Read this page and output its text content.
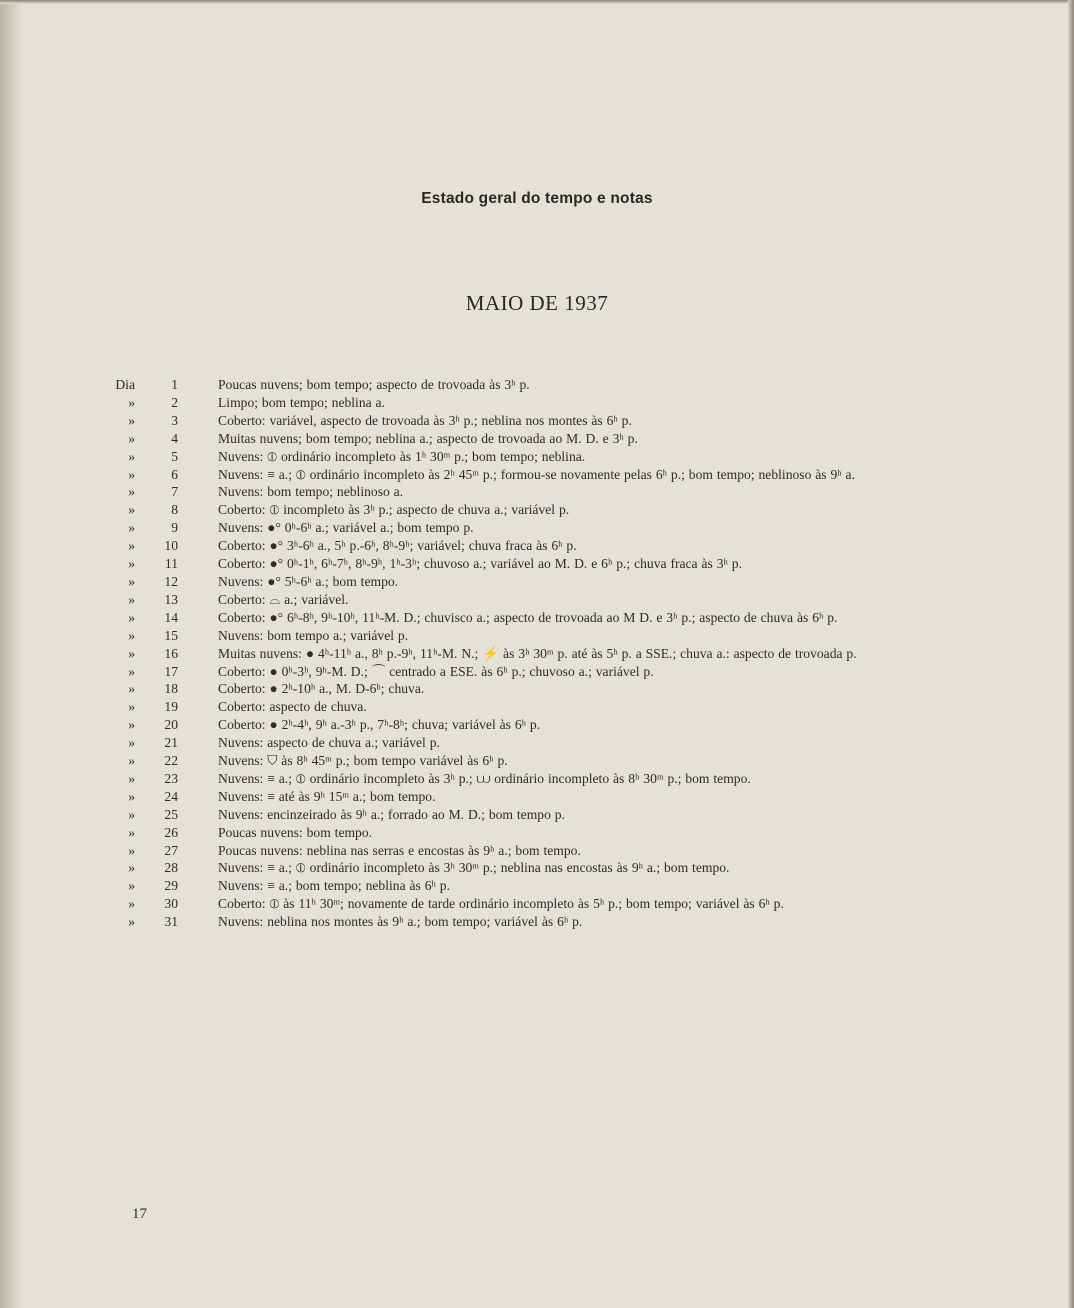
Estado geral do tempo e notas
MAIO DE 1937
Dia	1	Poucas nuvens; bom tempo; aspecto de trovoada às 3ʰ p.
»	2	Limpo; bom tempo; neblina a.
»	3	Coberto: variável, aspecto de trovoada às 3ʰ p.; neblina nos montes às 6ʰ p.
»	4	Muitas nuvens; bom tempo; neblina a.; aspecto de trovoada ao M. D. e 3ʰ p.
»	5	Nuvens: ⦶ ordinário incompleto às 1ʰ 30ᵐ p.; bom tempo; neblina.
»	6	Nuvens: ≡ a.; ⦶ ordinário incompleto às 2ʰ 45ᵐ p.; formou-se novamente pelas 6ʰ p.; bom tempo; neblinoso às 9ʰ a.
»	7	Nuvens: bom tempo; neblinoso a.
»	8	Coberto: ⦶ incompleto às 3ʰ p.; aspecto de chuva a.; variável p.
»	9	Nuvens: ●° 0ʰ-6ʰ a.; variável a.; bom tempo p.
»	10	Coberto: ●° 3ʰ-6ʰ a., 5ʰ p.-6ʰ, 8ʰ-9ʰ; variável; chuva fraca às 6ʰ p.
»	11	Coberto: ●° 0ʰ-1ʰ, 6ʰ-7ʰ, 8ʰ-9ʰ, 1ʰ-3ʰ; chuvoso a.; variável ao M. D. e 6ʰ p.; chuva fraca às 3ʰ p.
»	12	Nuvens: ●° 5ʰ-6ʰ a.; bom tempo.
»	13	Coberto: ⌓ a.; variável.
»	14	Coberto: ●° 6ʰ-8ʰ, 9ʰ-10ʰ, 11ʰ-M. D.; chuvisco a.; aspecto de trovoada ao M D. e 3ʰ p.; aspecto de chuva às 6ʰ p.
»	15	Nuvens: bom tempo a.; variável p.
»	16	Muitas nuvens: ● 4ʰ-11ʰ a., 8ʰ p.-9ʰ, 11ʰ-M. N.; ⚡ às 3ʰ 30ᵐ p. até às 5ʰ p. a SSE.; chuva a.: aspecto de trovoada p.
»	17	Coberto: ● 0ʰ-3ʰ, 9ʰ-M. D.; ⌒ centrado a ESE. às 6ʰ p.; chuvoso a.; variável p.
»	18	Coberto: ● 2ʰ-10ʰ a., M. D-6ʰ; chuva.
»	19	Coberto: aspecto de chuva.
»	20	Coberto: ● 2ʰ-4ʰ, 9ʰ a.-3ʰ p., 7ʰ-8ʰ; chuva; variável às 6ʰ p.
»	21	Nuvens: aspecto de chuva a.; variável p.
»	22	Nuvens: ⛉ às 8ʰ 45ᵐ p.; bom tempo variável às 6ʰ p.
»	23	Nuvens: ≡ a.; ⦶ ordinário incompleto às 3ʰ p.; ⩊ ordinário incompleto às 8ʰ 30ᵐ p.; bom tempo.
»	24	Nuvens: ≡ até às 9ʰ 15ᵐ a.; bom tempo.
»	25	Nuvens: encinzeirado às 9ʰ a.; forrado ao M. D.; bom tempo p.
»	26	Poucas nuvens: bom tempo.
»	27	Poucas nuvens: neblina nas serras e encostas às 9ʰ a.; bom tempo.
»	28	Nuvens: ≡ a.; ⦶ ordinário incompleto às 3ʰ 30ᵐ p.; neblina nas encostas às 9ʰ a.; bom tempo.
»	29	Nuvens: ≡ a.; bom tempo; neblina às 6ʰ p.
»	30	Coberto: ⦶ às 11ʰ 30ᵐ; novamente de tarde ordinário incompleto às 5ʰ p.; bom tempo; variável às 6ʰ p.
»	31	Nuvens: neblina nos montes às 9ʰ a.; bom tempo; variável às 6ʰ p.
17
